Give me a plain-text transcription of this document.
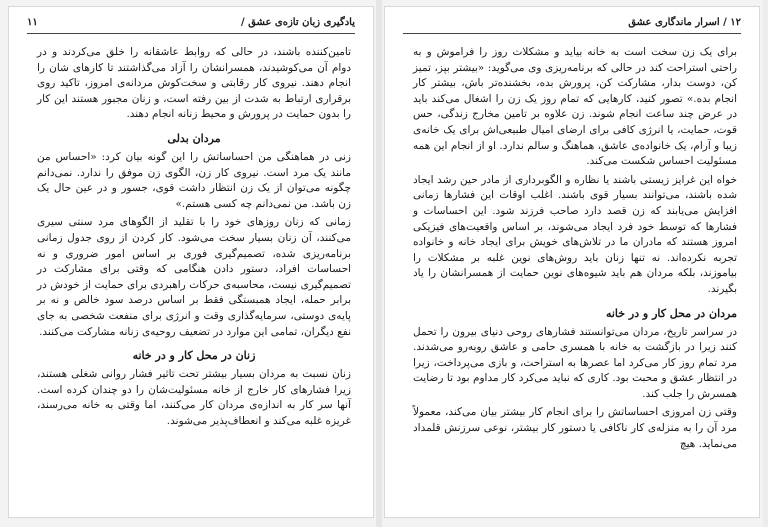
یادگیری زبان تازه‌ی عشق /
۱۱

تامین‌کننده باشند، در حالی که روابط عاشقانه را خلق می‌کردند و در دوام آن می‌کوشیدند، همسرانشان را آزاد می‌گذاشتند تا کارهای شان را انجام دهند. نیروی کار رقابتی و سخت‌کوش مردانه‌ی امروز، تاکید روی برقراری ارتباط به شدت از بین رفته است، و زنان مجبور هستند این کار را بدون حمایت در پرورش و محیط زنانه انجام دهند.

مردان بدلی

زنی در هماهنگی من احساساتش را این گونه بیان کرد: «احساس من مانند یک مرد است. نیروی کار زن، الگوی زن موفق را ندارد. نمی‌دانم چگونه می‌توان از یک زن انتظار داشت قوی، جسور و در عین حال یک زن باشد. من نمی‌دانم چه کسی هستم.»

زمانی که زنان روزهای خود را با تقلید از الگوهای مرد سنتی سیری می‌کنند، آن زنان بسیار سخت می‌شود. کار کردن از روی جدول زمانی برنامه‌ریزی شده، تصمیم‌گیری فوری بر اساس امور ضروری و نه احساسات افراد، دستور دادن هنگامی که وقتی برای مشارکت در تصمیم‌گیری نیست، محاسبه‌ی حرکات راهبردی برای حمایت از خودش در برابر حمله، ایجاد همبستگی فقط بر اساس درصد سود خالص و نه بر پایه‌ی دوستی، سرمایه‌گذاری وقت و انرژی برای منفعت شخصی به جای نفع دیگران، تمامی این موارد در تضعیف روحیه‌ی زنانه مشارکت می‌کنند.

زنان در محل کار و در خانه

زنان نسبت به مردان بسیار بیشتر تحت تاثیر فشار روانی شغلی هستند، زیرا فشارهای کار خارج از خانه مسئولیت‌شان را دو چندان کرده است. آنها سر کار به اندازه‌ی مردان کار می‌کنند، اما وقتی به خانه می‌رسند، غریزه غلبه می‌کند و انعطاف‌پذیر می‌شوند.

۱۲ / اسرار ماندگاری عشق

برای یک زن سخت است به خانه بیاید و مشکلات روز را فراموش و به راحتی استراحت کند در حالی که برنامه‌ریزی وی می‌گوید: «بیشتر بپز، تمیز کن، دوست بدار، مشارکت کن، پرورش بده، بخشنده‌تر باش، بیشتر کار انجام بده.» تصور کنید، کارهایی که تمام روز یک زن را اشغال می‌کند باید در عرض چند ساعت انجام شوند. زن علاوه بر تامین مخارج زندگی، حس قوت، حمایت، یا انرژی کافی برای ارضای امیال طبیعی‌اش برای یک خانه‌ی زیبا و آرام، یک خانواده‌ی عاشق، هماهنگ و سالم ندارد. او از انجام این همه مسئولیت احساس شکست می‌کند.

خواه این غرایز زیستی باشند یا نظاره و الگوبرداری از مادر حین رشد ایجاد شده باشند، می‌توانند بسیار قوی باشند. اغلب اوقات این فشارها زمانی افزایش می‌یابند که زن قصد دارد صاحب فرزند شود. این احساسات و فشارها که توسط خود فرد ایجاد می‌شوند، بر اساس واقعیت‌های فیزیکی امروز هستند که مادران ما در تلاش‌های خویش برای ایجاد خانه و خانواده تجربه نکرده‌اند. نه تنها زنان باید روش‌های نوین غلبه بر مشکلات را بیاموزند، بلکه مردان هم باید شیوه‌های نوین حمایت از همسرانشان را یاد بگیرند.

مردان در محل کار و در خانه

در سراسر تاریخ، مردان می‌توانستند فشارهای روحی دنیای بیرون را تحمل کنند زیرا در بازگشت به خانه با همسری حامی و عاشق روبه‌رو می‌شدند. مرد تمام روز کار می‌کرد اما عصرها به استراحت، و بازی می‌پرداخت، زیرا در انتظار عشق و محبت بود. کاری که نباید می‌کرد کار مداوم بود تا رضایت همسرش را جلب کند.

وقتی زن امروزی احساساتش را برای انجام کار بیشتر بیان می‌کند، معمولاً مرد آن را به منزله‌ی کار ناکافی یا دستور کار بیشتر، نوعی سرزنش قلمداد می‌نماید. هیچ
